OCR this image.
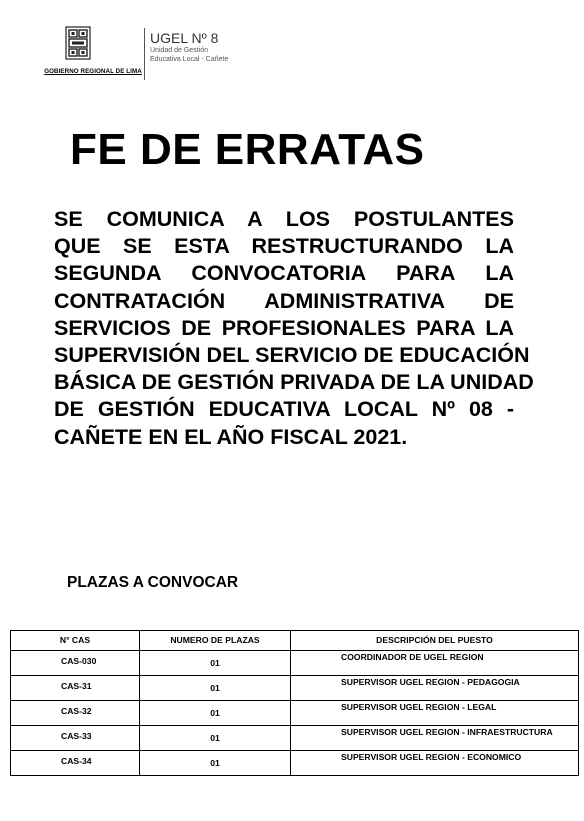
GOBIERNO REGIONAL DE LIMA
UGEL Nº 8
Unidad de Gestión
Educativa Local - Cañete
FE DE ERRATAS
SE COMUNICA A LOS POSTULANTES
QUE SE ESTA RESTRUCTURANDO LA
SEGUNDA CONVOCATORIA PARA LA
CONTRATACIÓN ADMINISTRATIVA DE
SERVICIOS DE PROFESIONALES PARA LA
SUPERVISIÓN DEL SERVICIO DE EDUCACIÓN
BÁSICA DE GESTIÓN PRIVADA DE LA UNIDAD
DE GESTIÓN EDUCATIVA LOCAL Nº 08 -
CAÑETE EN EL AÑO FISCAL 2021.
PLAZAS A CONVOCAR
N° CAS	NUMERO DE PLAZAS	DESCRIPCIÓN DEL PUESTO
CAS-030	01	COORDINADOR DE UGEL REGION
CAS-31	01	SUPERVISOR UGEL REGION - PEDAGOGIA
CAS-32	01	SUPERVISOR UGEL REGION - LEGAL
CAS-33	01	SUPERVISOR UGEL REGION - INFRAESTRUCTURA
CAS-34	01	SUPERVISOR UGEL REGION - ECONOMICO
